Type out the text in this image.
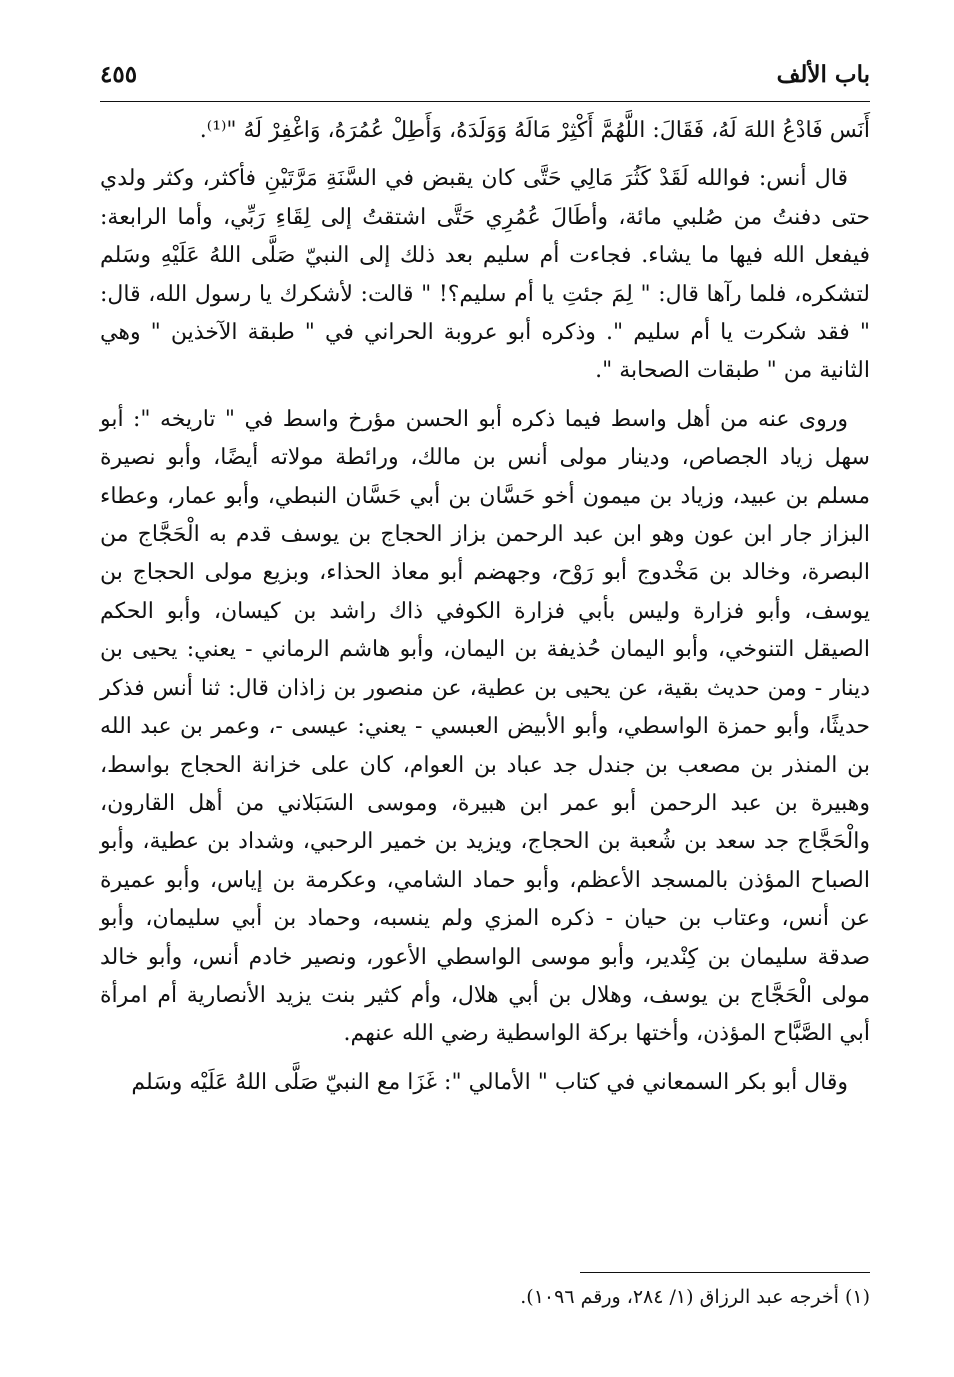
باب الألف
٤٥٥

أَنَس فَادْعُ اللهَ لَهُ، فَقَالَ: اللَّهُمَّ أَكْثِرْ مَالَهُ وَوَلَدَهُ، وَأَطِلْ عُمُرَهُ، وَاغْفِرْ لَهُ "⁽¹⁾.

قال أنس: فوالله لَقَدْ كَثُرَ مَالِي حَتَّى كان يقبض في السَّنَةِ مَرَّتَيْنِ فأكثر، وكثر ولدي حتى دفنتُ من صُلبي مائة، وأطَالَ عُمُرِي حَتَّى اشتقتُ إلى لِقَاءِ رَبِّي، وأما الرابعة: فيفعل الله فيها ما يشاء. فجاءت أم سليم بعد ذلك إلى النبيّ صَلَّى اللهُ عَلَيْهِ وسَلم لتشكره، فلما رآها قال: " لِمَ جئتِ يا أم سليم؟! " قالت: لأشكرك يا رسول الله، قال: " فقد شكرت يا أم سليم ". وذكره أبو عروبة الحراني في " طبقة الآخذين " وهي الثانية من " طبقات الصحابة ".

وروى عنه من أهل واسط فيما ذكره أبو الحسن مؤرخ واسط في " تاريخه ": أبو سهل زياد الجصاص، ودينار مولى أنس بن مالك، ورائطة مولاته أيضًا، وأبو نصيرة مسلم بن عبيد، وزياد بن ميمون أخو حَسَّان بن أبي حَسَّان النبطي، وأبو عمار، وعطاء البزاز جار ابن عون وهو ابن عبد الرحمن بزاز الحجاج بن يوسف قدم به الْحَجَّاج من البصرة، وخالد بن مَخْدوج أبو رَوْح، وجهضم أبو معاذ الحذاء، وبزيع مولى الحجاج بن يوسف، وأبو فزارة وليس بأبي فزارة الكوفي ذاك راشد بن كيسان، وأبو الحكم الصيقل التنوخي، وأبو اليمان حُذيفة بن اليمان، وأبو هاشم الرماني - يعني: يحيى بن دينار - ومن حديث بقية، عن يحيى بن عطية، عن منصور بن زاذان قال: ثنا أنس فذكر حديثًا، وأبو حمزة الواسطي، وأبو الأبيض العبسي - يعني: عيسى -، وعمر بن عبد الله بن المنذر بن مصعب بن جندل جد عباد بن العوام، كان على خزانة الحجاج بواسط، وهبيرة بن عبد الرحمن أبو عمر ابن هبيرة، وموسى السَبَلاني من أهل القارون، والْحَجَّاج جد سعد بن شُعبة بن الحجاج، ويزيد بن خمير الرحبي، وشداد بن عطية، وأبو الصباح المؤذن بالمسجد الأعظم، وأبو حماد الشامي، وعكرمة بن إياس، وأبو عميرة عن أنس، وعتاب بن حيان - ذكره المزي ولم ينسبه، وحماد بن أبي سليمان، وأبو صدقة سليمان بن كِنْدير، وأبو موسى الواسطي الأعور، ونصير خادم أنس، وأبو خالد مولى الْحَجَّاج بن يوسف، وهلال بن أبي هلال، وأم كثير بنت يزيد الأنصارية أم امرأة أبي الصَّبَّاح المؤذن، وأختها بركة الواسطية رضي الله عنهم.

وقال أبو بكر السمعاني في كتاب " الأمالي ": غَزَا مع النبيّ صَلَّى اللهُ عَلَيْه وسَلم

(١) أخرجه عبد الرزاق (١/ ٢٨٤، ورقم ١٠٩٦).
